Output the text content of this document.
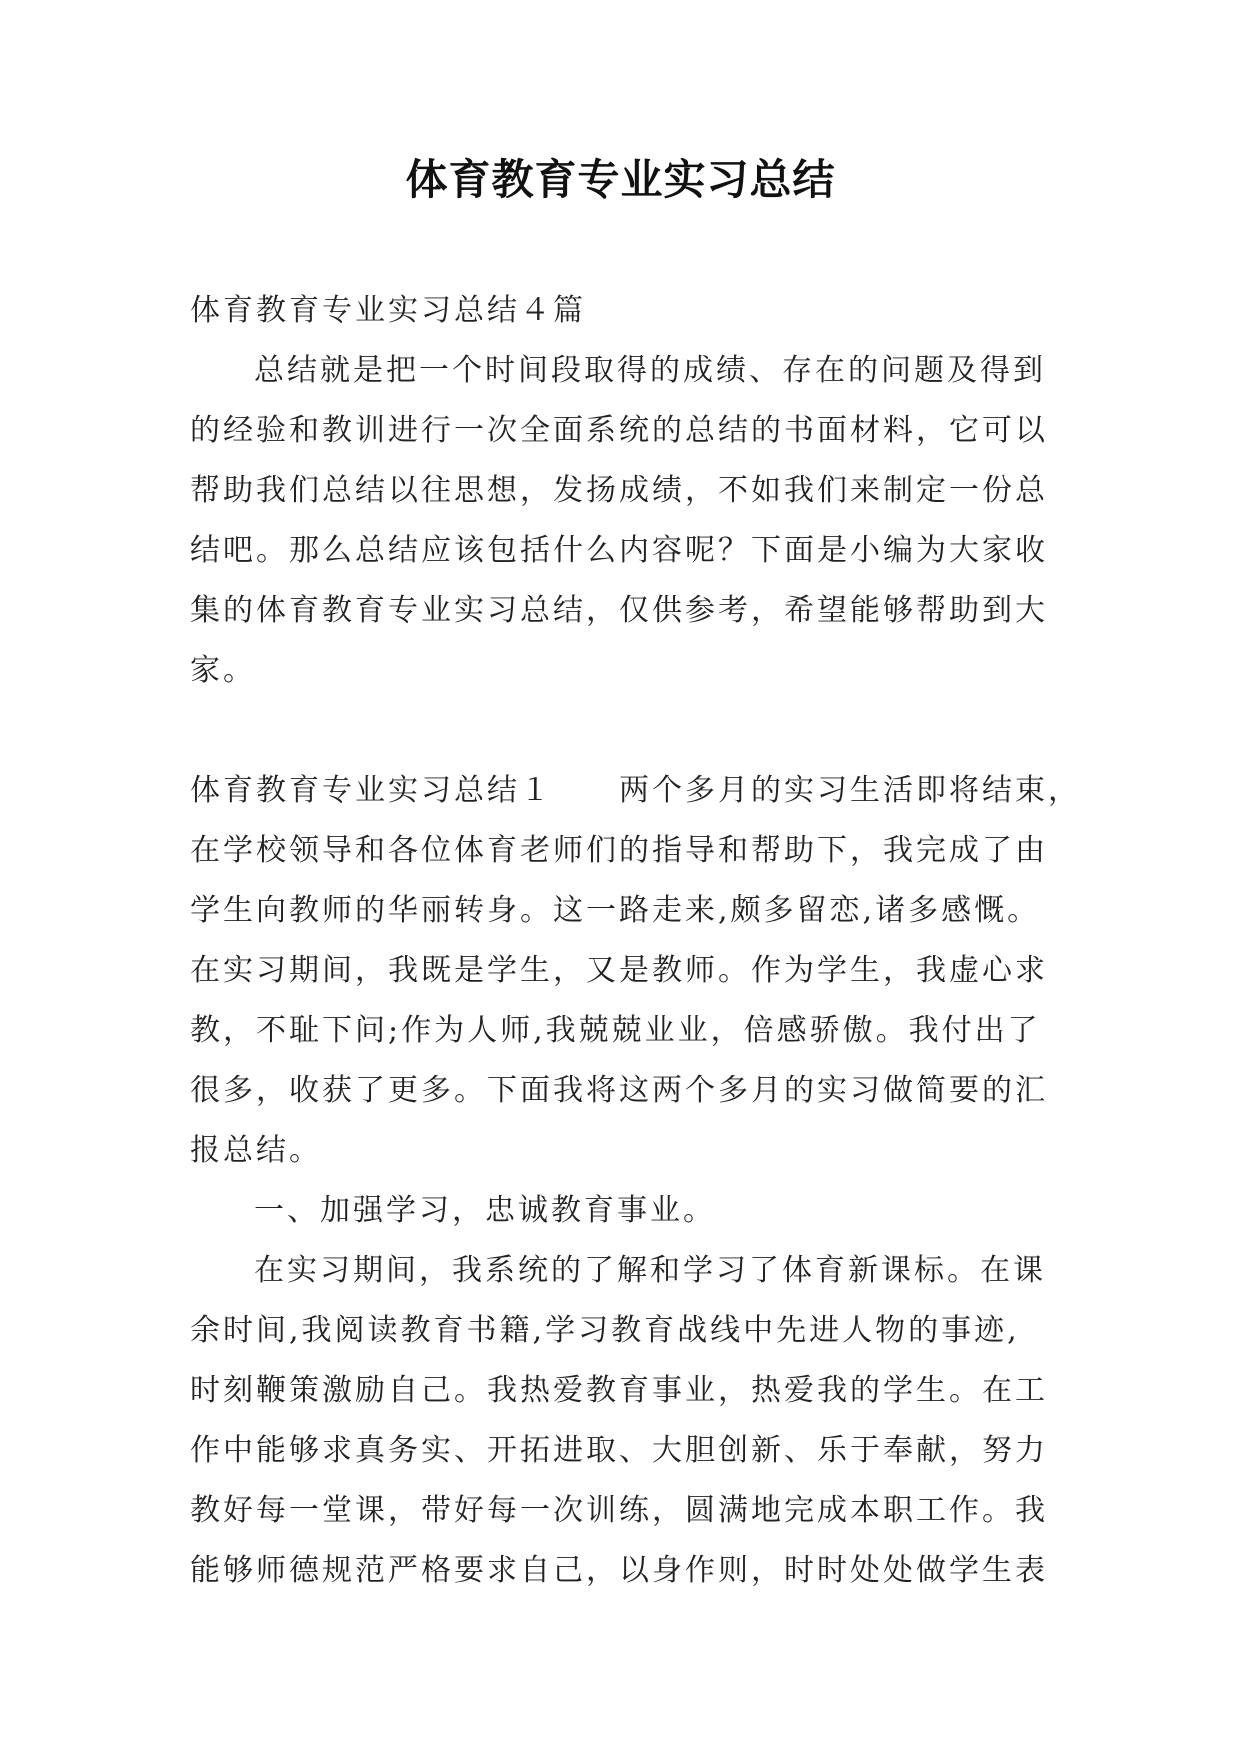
体育教育专业实习总结
体育教育专业实习总结４篇
总结就是把一个时间段取得的成绩、存在的问题及得到
的经验和教训进行一次全面系统的总结的书面材料，它可以
帮助我们总结以往思想，发扬成绩，不如我们来制定一份总
结吧。那么总结应该包括什么内容呢？下面是小编为大家收
集的体育教育专业实习总结，仅供参考，希望能够帮助到大
家。
体育教育专业实习总结１　　两个多月的实习生活即将结束，
在学校领导和各位体育老师们的指导和帮助下，我完成了由
学生向教师的华丽转身。这一路走来,颇多留恋,诸多感慨。
在实习期间，我既是学生，又是教师。作为学生，我虚心求
教，不耻下问;作为人师,我兢兢业业，倍感骄傲。我付出了
很多，收获了更多。下面我将这两个多月的实习做简要的汇
报总结。
一、加强学习，忠诚教育事业。
在实习期间，我系统的了解和学习了体育新课标。在课
余时间,我阅读教育书籍,学习教育战线中先进人物的事迹,
时刻鞭策激励自己。我热爱教育事业，热爱我的学生。在工
作中能够求真务实、开拓进取、大胆创新、乐于奉献，努力
教好每一堂课，带好每一次训练，圆满地完成本职工作。我
能够师德规范严格要求自己，以身作则，时时处处做学生表
